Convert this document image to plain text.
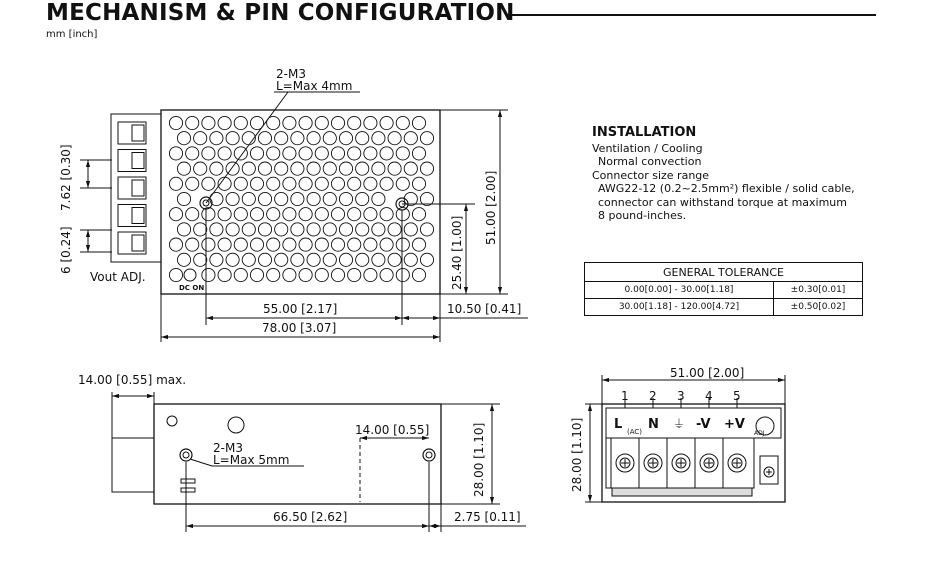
MECHANISM & PIN CONFIGURATION
mm [inch]
INSTALLATION
Ventilation / Cooling
Normal convection
Connector size range
AWG22-12 (0.2~2.5mm²) flexible / solid cable,
connector can withstand torque at maximum
8 pound-inches.
GENERAL TOLERANCE	
0.00[0.00] - 30.00[1.18]	±0.30[0.01]
30.00[1.18] - 120.00[4.72]	±0.50[0.02]
2-M3
L=Max 4mm
7.62 [0.30]
6 [0.24]
Vout ADJ.
DC ON
55.00 [2.17]
78.00 [3.07]
10.50 [0.41]
25.40 [1.00]
51.00 [2.00]
14.00 [0.55] max.
2-M3
L=Max 5mm
14.00 [0.55]	28.00 [1.10]
66.50 [2.62]	2.75 [0.11]
51.00 [2.00]
28.00 [1.10]
1 2 3 4 5
L N
(AC)
⏚ -V +V
ADJ.
